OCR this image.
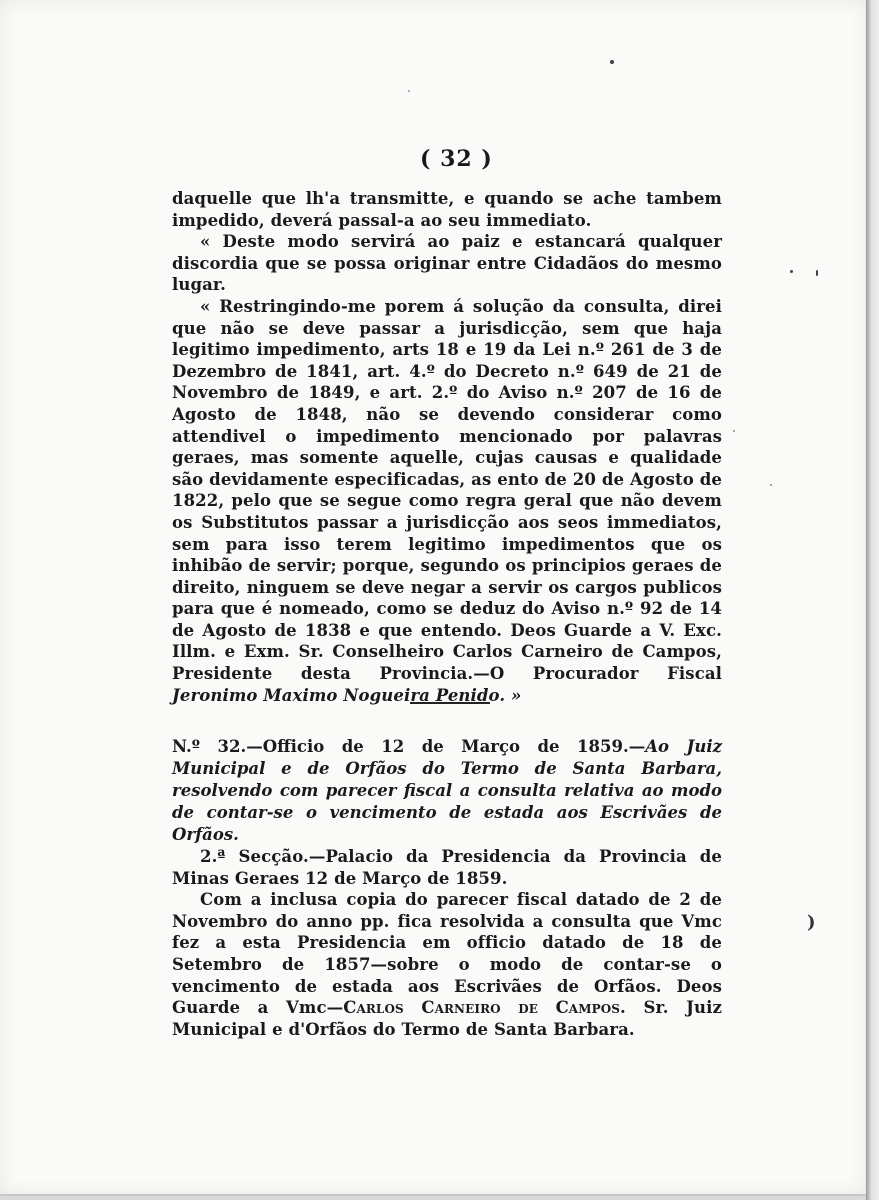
( 32 )

daquelle que lh'a transmitte, e quando se ache tambem impedido, deverá passal-a ao seu immediato.

« Deste modo servirá ao paiz e estancará qualquer discordia que se possa originar entre Cidadãos do mesmo lugar.

« Restringindo-me porem á solução da consulta, direi que não se deve passar a jurisdicção, sem que haja legitimo impedimento, arts 18 e 19 da Lei n.º 261 de 3 de Dezembro de 1841, art. 4.º do Decreto n.º 649 de 21 de Novembro de 1849, e art. 2.º do Aviso n.º 207 de 16 de Agosto de 1848, não se devendo considerar como attendivel o impedimento mencionado por palavras geraes, mas somente aquelle, cujas causas e qualidade são devidamente especificadas, as ento de 20 de Agosto de 1822, pelo que se segue como regra geral que não devem os Substitutos passar a jurisdicção aos seos immediatos, sem para isso terem legitimo impedimentos que os inhibão de servir; porque, segundo os principios geraes de direito, ninguem se deve negar a servir os cargos publicos para que é nomeado, como se deduz do Aviso n.º 92 de 14 de Agosto de 1838 e que entendo. Deos Guarde a V. Exc. Illm. e Exm. Sr. Conselheiro Carlos Carneiro de Campos, Presidente desta Provincia.—O Procurador Fiscal Jeronimo Maximo Nogueira Penido. »

N.º 32.—Officio de 12 de Março de 1859.—Ao Juiz Municipal e de Orfãos do Termo de Santa Barbara, resolvendo com parecer fiscal a consulta relativa ao modo de contar-se o vencimento de estada aos Escrivães de Orfãos.

2.ª Secção.—Palacio da Presidencia da Provincia de Minas Geraes 12 de Março de 1859.

Com a inclusa copia do parecer fiscal datado de 2 de Novembro do anno pp. fica resolvida a consulta que Vmc fez a esta Presidencia em officio datado de 18 de Setembro de 1857—sobre o modo de contar-se o vencimento de estada aos Escrivães de Orfãos. Deos Guarde a Vmc—Carlos Carneiro de Campos. Sr. Juiz Municipal e d'Orfãos do Termo de Santa Barbara.

)
